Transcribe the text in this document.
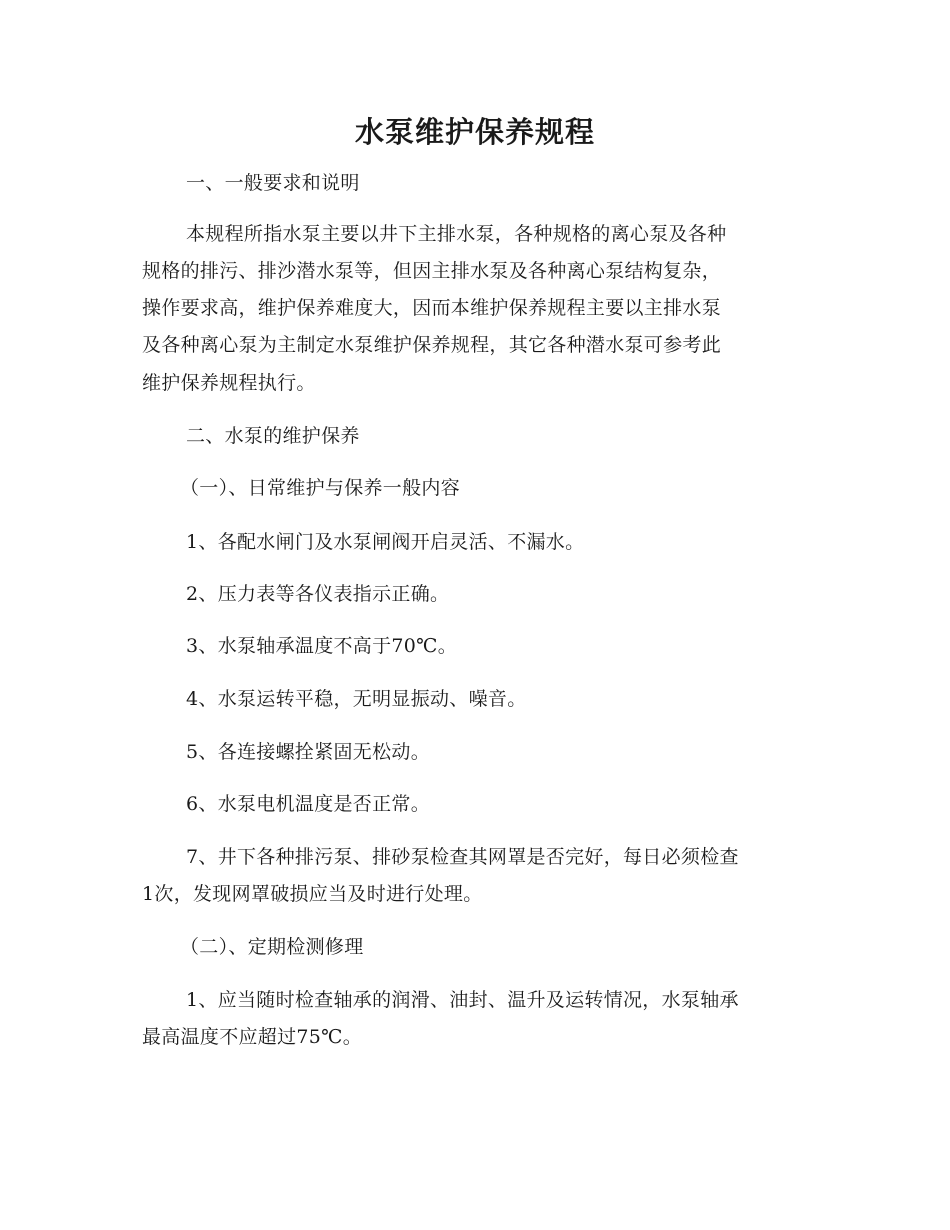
水泵维护保养规程
一、一般要求和说明
本规程所指水泵主要以井下主排水泵，各种规格的离心泵及各种
规格的排污、排沙潜水泵等，但因主排水泵及各种离心泵结构复杂，
操作要求高，维护保养难度大，因而本维护保养规程主要以主排水泵
及各种离心泵为主制定水泵维护保养规程，其它各种潜水泵可参考此
维护保养规程执行。
二、水泵的维护保养
（一）、日常维护与保养一般内容
1、各配水闸门及水泵闸阀开启灵活、不漏水。
2、压力表等各仪表指示正确。
3、水泵轴承温度不高于70℃。
4、水泵运转平稳，无明显振动、噪音。
5、各连接螺拴紧固无松动。
6、水泵电机温度是否正常。
7、井下各种排污泵、排砂泵检查其网罩是否完好，每日必须检查
1次，发现网罩破损应当及时进行处理。
（二）、定期检测修理
1、应当随时检查轴承的润滑、油封、温升及运转情况，水泵轴承
最高温度不应超过75℃。
